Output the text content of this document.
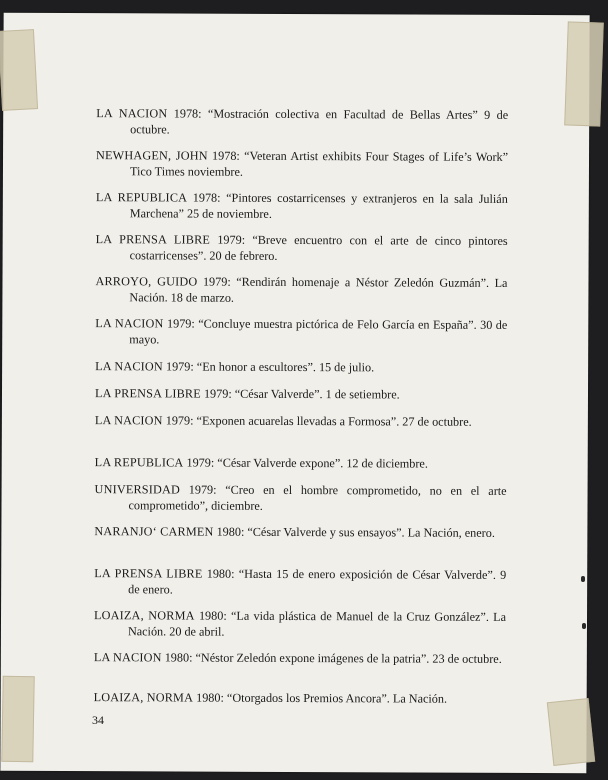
LA NACION 1978: “Mostración colectiva en Facultad de Bellas Artes” 9 de octubre.
NEWHAGEN, JOHN 1978: “Veteran Artist exhibits Four Stages of Life’s Work” Tico Times noviembre.
LA REPUBLICA 1978: “Pintores costarricenses y extranjeros en la sala Julián Marchena” 25 de noviembre.
LA PRENSA LIBRE 1979: “Breve encuentro con el arte de cinco pintores costarricenses”. 20 de febrero.
ARROYO, GUIDO 1979: “Rendirán homenaje a Néstor Zeledón Guzmán”. La Nación. 18 de marzo.
LA NACION 1979: “Concluye muestra pictórica de Felo García en España”. 30 de mayo.
LA NACION 1979: “En honor a escultores”. 15 de julio.
LA PRENSA LIBRE 1979: “César Valverde”. 1 de setiembre.
LA NACION 1979: “Exponen acuarelas llevadas a Formosa”. 27 de octubre.
LA REPUBLICA 1979: “César Valverde expone”. 12 de diciembre.
UNIVERSIDAD 1979: “Creo en el hombre comprometido, no en el arte comprometido”, diciembre.
NARANJO‘ CARMEN 1980: “César Valverde y sus ensayos”. La Nación, enero.
LA PRENSA LIBRE 1980: “Hasta 15 de enero exposición de César Valverde”. 9 de enero.
LOAIZA, NORMA 1980: “La vida plástica de Manuel de la Cruz González”. La Nación. 20 de abril.
LA NACION 1980: “Néstor Zeledón expone imágenes de la patria”. 23 de octubre.
LOAIZA, NORMA 1980: “Otorgados los Premios Ancora”. La Nación.
34
